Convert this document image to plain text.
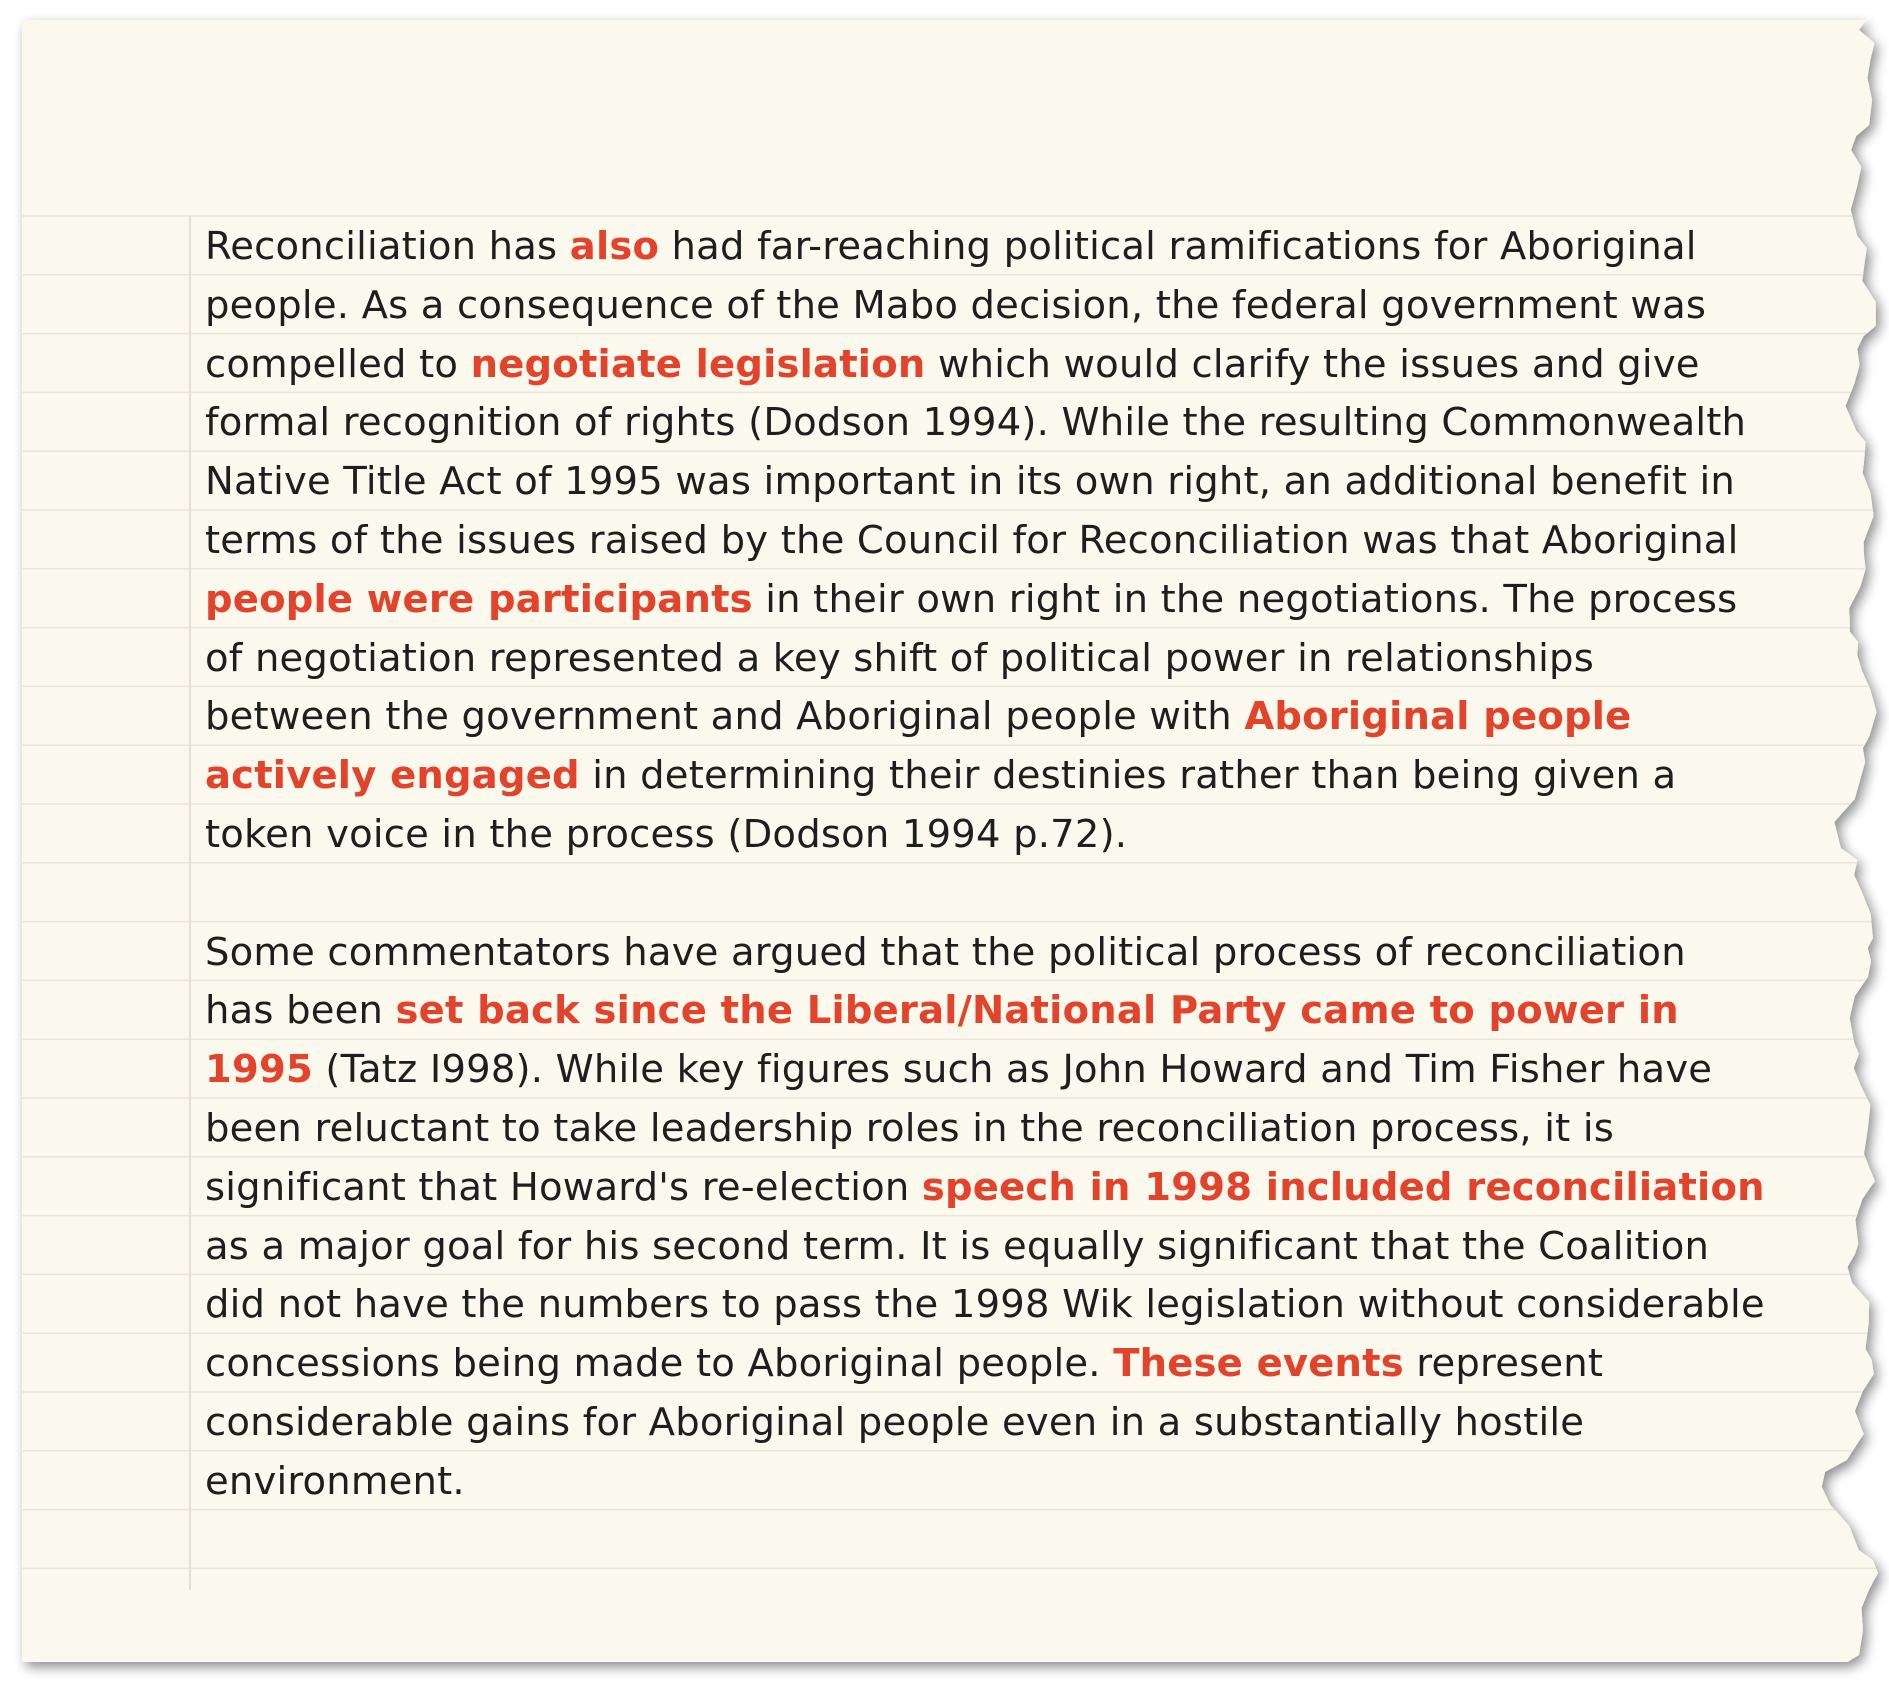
Reconciliation has also had far-reaching political ramifications for Aboriginal people. As a consequence of the Mabo decision, the federal government was compelled to negotiate legislation which would clarify the issues and give formal recognition of rights (Dodson 1994). While the resulting Commonwealth Native Title Act of 1995 was important in its own right, an additional benefit in terms of the issues raised by the Council for Reconciliation was that Aboriginal people were participants in their own right in the negotiations. The process of negotiation represented a key shift of political power in relationships between the government and Aboriginal people with Aboriginal people actively engaged in determining their destinies rather than being given a token voice in the process (Dodson 1994 p.72).

Some commentators have argued that the political process of reconciliation has been set back since the Liberal/National Party came to power in 1995 (Tatz I998). While key figures such as John Howard and Tim Fisher have been reluctant to take leadership roles in the reconciliation process, it is significant that Howard's re-election speech in 1998 included reconciliation as a major goal for his second term. It is equally significant that the Coalition did not have the numbers to pass the 1998 Wik legislation without considerable concessions being made to Aboriginal people. These events represent considerable gains for Aboriginal people even in a substantially hostile environment.
